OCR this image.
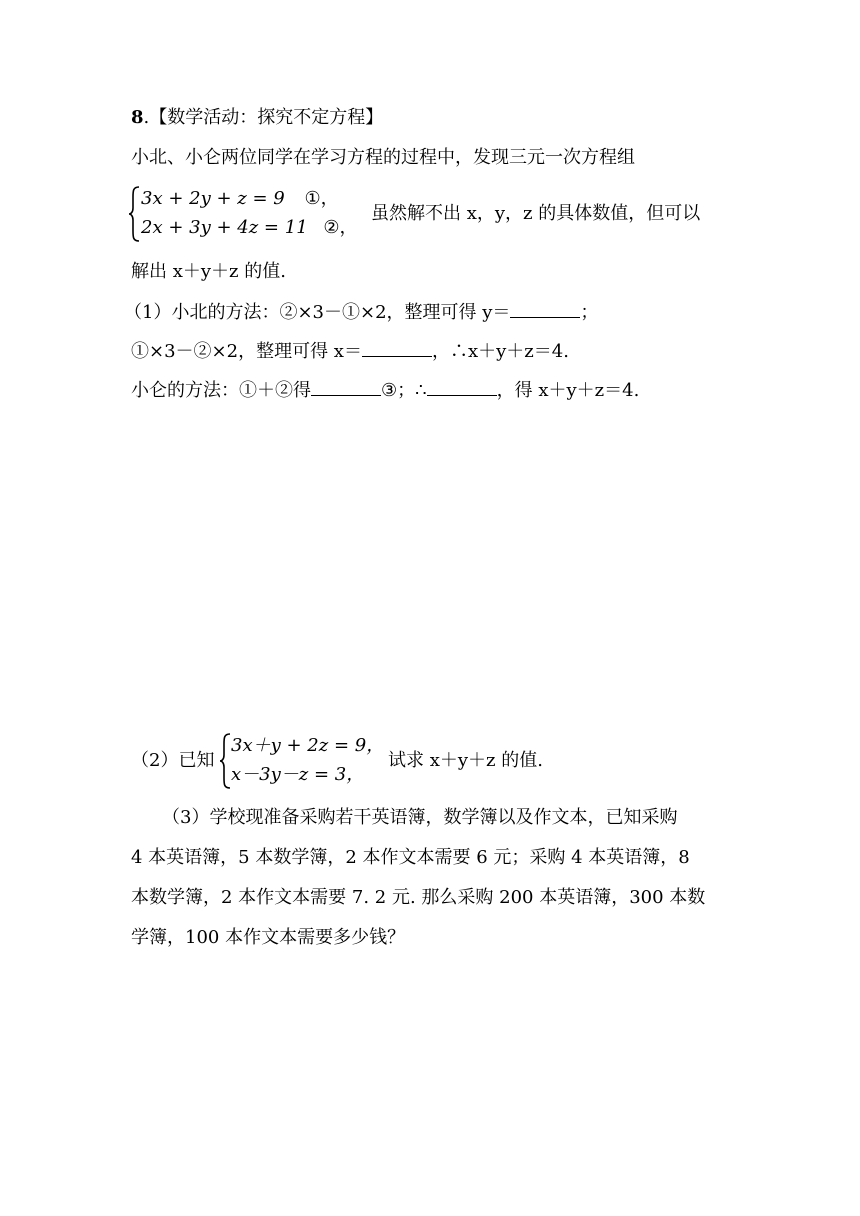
8.【数学活动：探究不定方程】
小北、小仑两位同学在学习方程的过程中，发现三元一次方程组
3x + 2y + z = 9 ①，
2x + 3y + 4z = 11 ②，
虽然解不出 x，y，z 的具体数值，但可以
解出 x＋y＋z 的值.
（1）小北的方法：②×3－①×2，整理可得 y＝	；
①×3－②×2，整理可得 x＝	，∴x＋y＋z＝4.
小仑的方法：①＋②得	③；∴	，得 x＋y＋z＝4.
（2）已知
3x＋y + 2z = 9，
x－3y－z = 3，
试求 x＋y＋z 的值.
（3）学校现准备采购若干英语簿，数学簿以及作文本，已知采购
4 本英语簿，5 本数学簿，2 本作文本需要 6 元；采购 4 本英语簿，8
本数学簿，2 本作文本需要 7. 2 元. 那么采购 200 本英语簿，300 本数
学簿，100 本作文本需要多少钱？
